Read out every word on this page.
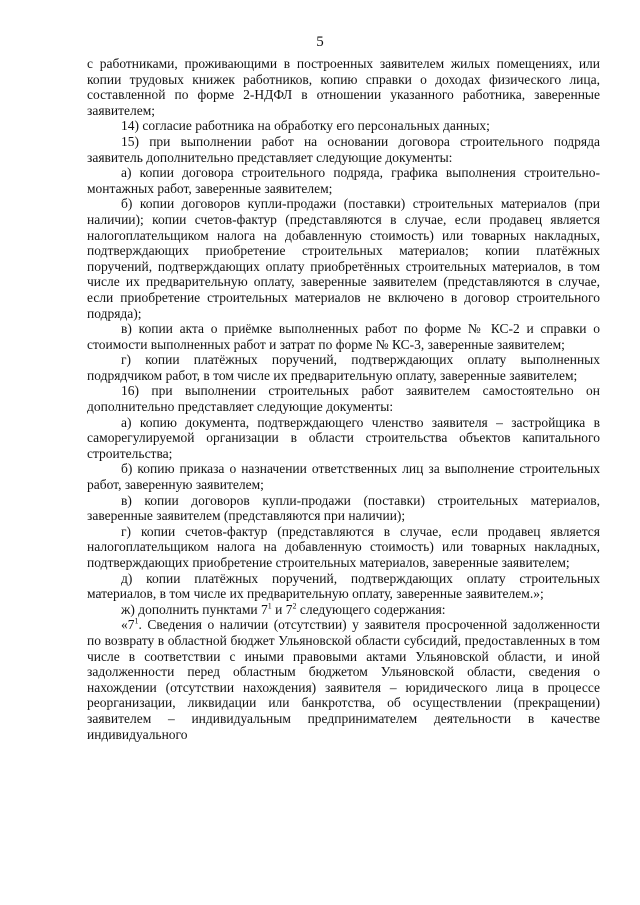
5

с работниками, проживающими в построенных заявителем жилых помещениях, или копии трудовых книжек работников, копию справки о доходах физического лица, составленной по форме 2-НДФЛ в отношении указанного работника, заверенные заявителем;

14) согласие работника на обработку его персональных данных;

15) при выполнении работ на основании договора строительного подряда заявитель дополнительно представляет следующие документы:

а) копии договора строительного подряда, графика выполнения строительно-монтажных работ, заверенные заявителем;

б) копии договоров купли-продажи (поставки) строительных материалов (при наличии); копии счетов-фактур (представляются в случае, если продавец является налогоплательщиком налога на добавленную стоимость) или товарных накладных, подтверждающих приобретение строительных материалов; копии платёжных поручений, подтверждающих оплату приобретённых строительных материалов, в том числе их предварительную оплату, заверенные заявителем (представляются в случае, если приобретение строительных материалов не включено в договор строительного подряда);

в) копии акта о приёмке выполненных работ по форме № КС-2 и справки о стоимости выполненных работ и затрат по форме № КС-3, заверенные заявителем;

г) копии платёжных поручений, подтверждающих оплату выполненных подрядчиком работ, в том числе их предварительную оплату, заверенные заявителем;

16) при выполнении строительных работ заявителем самостоятельно он дополнительно представляет следующие документы:

а) копию документа, подтверждающего членство заявителя – застройщика в саморегулируемой организации в области строительства объектов капитального строительства;

б) копию приказа о назначении ответственных лиц за выполнение строительных работ, заверенную заявителем;

в) копии договоров купли-продажи (поставки) строительных материалов, заверенные заявителем (представляются при наличии);

г) копии счетов-фактур (представляются в случае, если продавец является налогоплательщиком налога на добавленную стоимость) или товарных накладных, подтверждающих приобретение строительных материалов, заверенные заявителем;

д) копии платёжных поручений, подтверждающих оплату строительных материалов, в том числе их предварительную оплату, заверенные заявителем.»;

ж) дополнить пунктами $7^1$ и $7^2$ следующего содержания:

«$7^1$. Сведения о наличии (отсутствии) у заявителя просроченной задолженности по возврату в областной бюджет Ульяновской области субсидий, предоставленных в том числе в соответствии с иными правовыми актами Ульяновской области, и иной задолженности перед областным бюджетом Ульяновской области, сведения о нахождении (отсутствии нахождения) заявителя – юридического лица в процессе реорганизации, ликвидации или банкротства, об осуществлении (прекращении) заявителем – индивидуальным предпринимателем деятельности в качестве индивидуального
